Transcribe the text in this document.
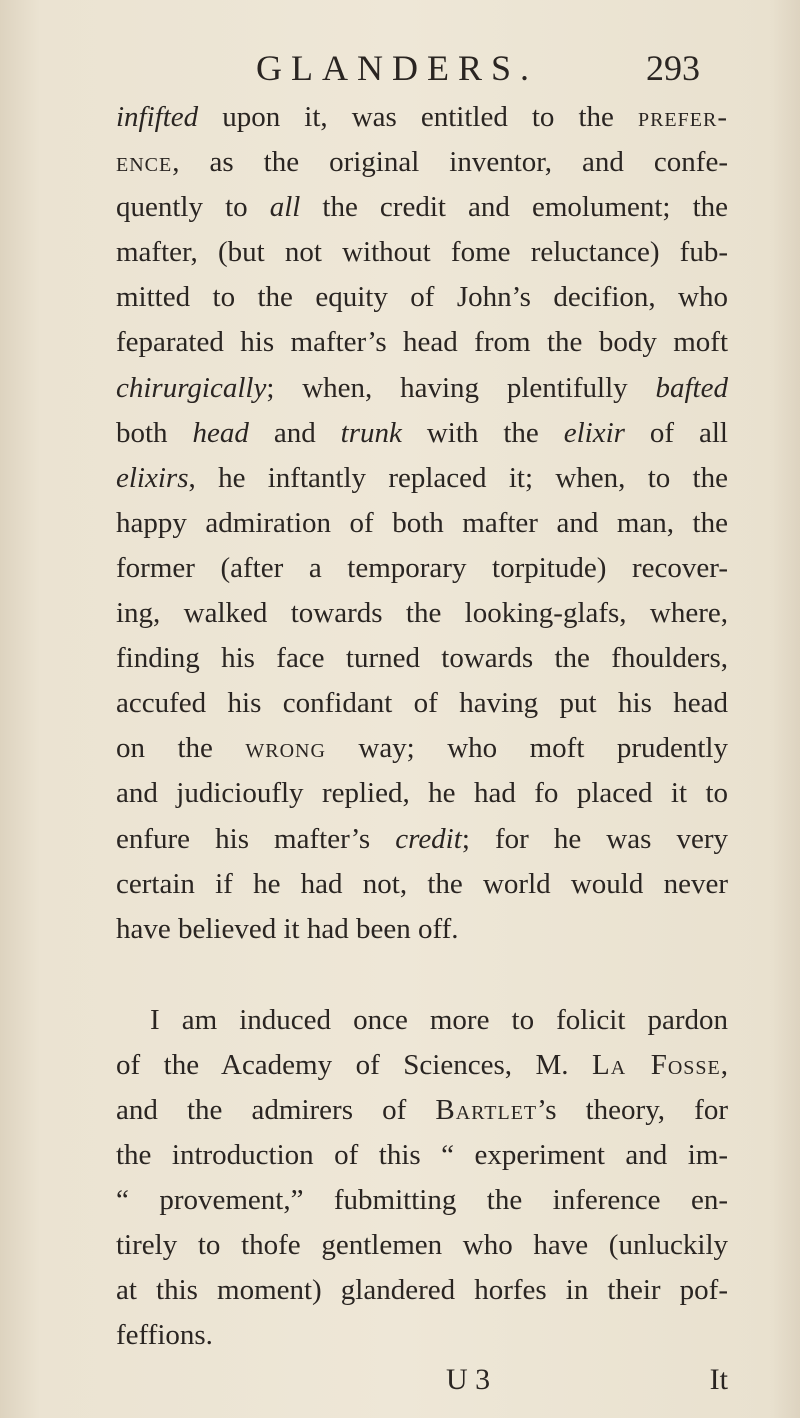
GLANDERS.	293
infifted upon it, was entitled to the prefer-
ence, as the original inventor, and confe-
quently to all the credit and emolument; the
mafter, (but not without fome reluctance) fub-
mitted to the equity of John’s decifion, who
feparated his mafter’s head from the body moft
chirurgically; when, having plentifully bafted
both head and trunk with the elixir of all
elixirs, he inftantly replaced it; when, to the
happy admiration of both mafter and man, the
former (after a temporary torpitude) recover-
ing, walked towards the looking-glafs, where,
finding his face turned towards the fhoulders,
accufed his confidant of having put his head
on the wrong way; who moft prudently
and judicioufly replied, he had fo placed it to
enfure his mafter’s credit; for he was very
certain if he had not, the world would never
have believed it had been off.
I am induced once more to folicit pardon
of the Academy of Sciences, M. La Fosse,
and the admirers of Bartlet’s theory, for
the introduction of this “ experiment and im-
“ provement,” fubmitting the inference en-
tirely to thofe gentlemen who have (unluckily
at this moment) glandered horfes in their pof-
feffions.
U 3	It
